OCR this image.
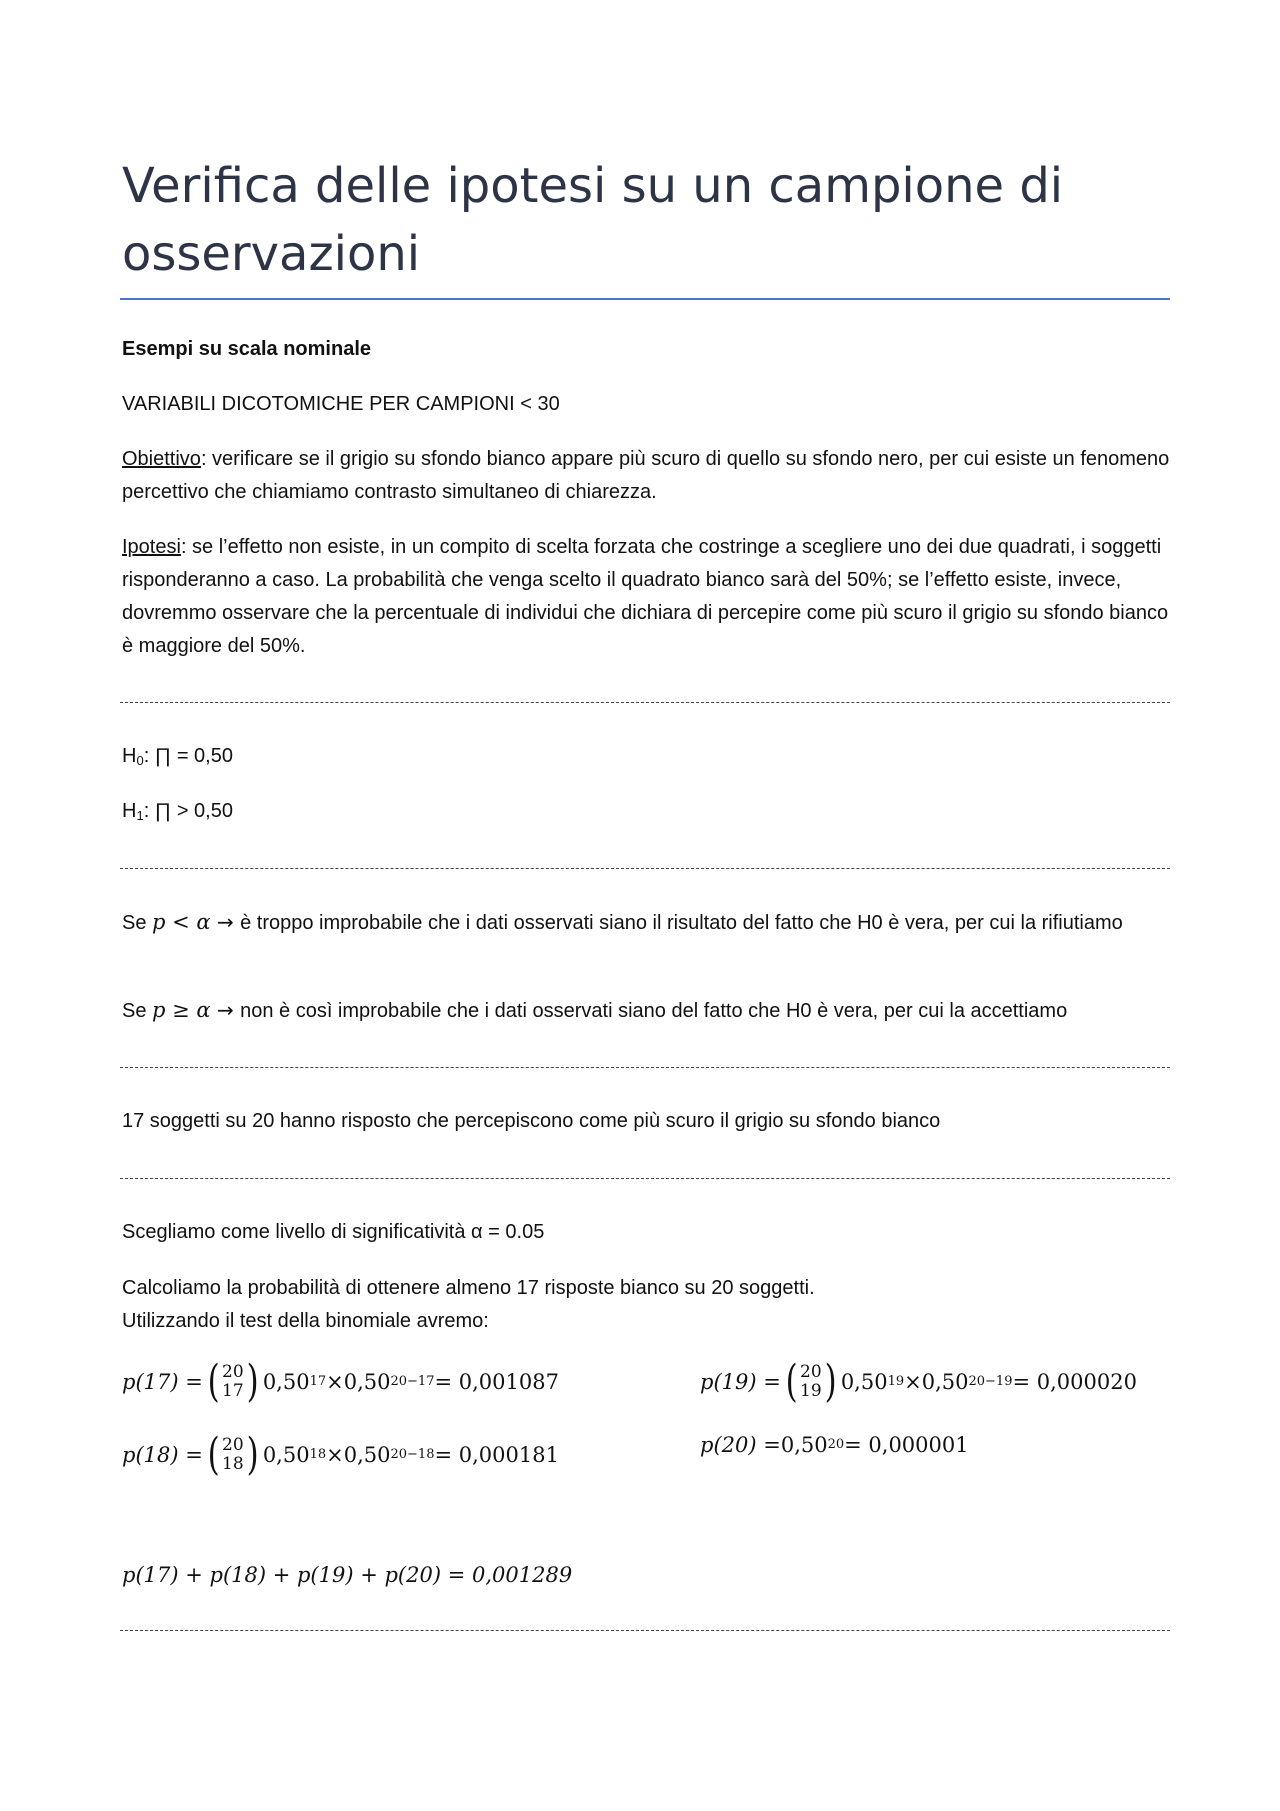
Verifica delle ipotesi su un campione di osservazioni
Esempi su scala nominale
VARIABILI DICOTOMICHE PER CAMPIONI < 30
Obiettivo: verificare se il grigio su sfondo bianco appare più scuro di quello su sfondo nero, per cui esiste un fenomeno percettivo che chiamiamo contrasto simultaneo di chiarezza.
Ipotesi: se l’effetto non esiste, in un compito di scelta forzata che costringe a scegliere uno dei due quadrati, i soggetti risponderanno a caso. La probabilità che venga scelto il quadrato bianco sarà del 50%; se l’effetto esiste, invece, dovremmo osservare che la percentuale di individui che dichiara di percepire come più scuro il grigio su sfondo bianco è maggiore del 50%.
$H_0$: ∏ = 0,50
$H_1$: ∏ > 0,50
Se p < α → è troppo improbabile che i dati osservati siano il risultato del fatto che H0 è vera, per cui la rifiutiamo
Se p ≥ α → non è così improbabile che i dati osservati siano del fatto che H0 è vera, per cui la accettiamo
17 soggetti su 20 hanno risposto che percepiscono come più scuro il grigio su sfondo bianco
Scegliamo come livello di significatività α = 0.05
Calcoliamo la probabilità di ottenere almeno 17 risposte bianco su 20 soggetti.
Utilizzando il test della binomiale avremo:
p(17) = ( 20
17 ) 0,50 17 × 0,50 20−17 = 0,001087	p(19) = ( 20
19 ) 0,50 19 × 0,50 20−19 = 0,000020
p(18) = ( 20
18 ) 0,50 18 × 0,50 20−18 = 0,000181	p(20) = 0,50 20 = 0,000001
p(17) + p(18) + p(19) + p(20) = 0,001289
